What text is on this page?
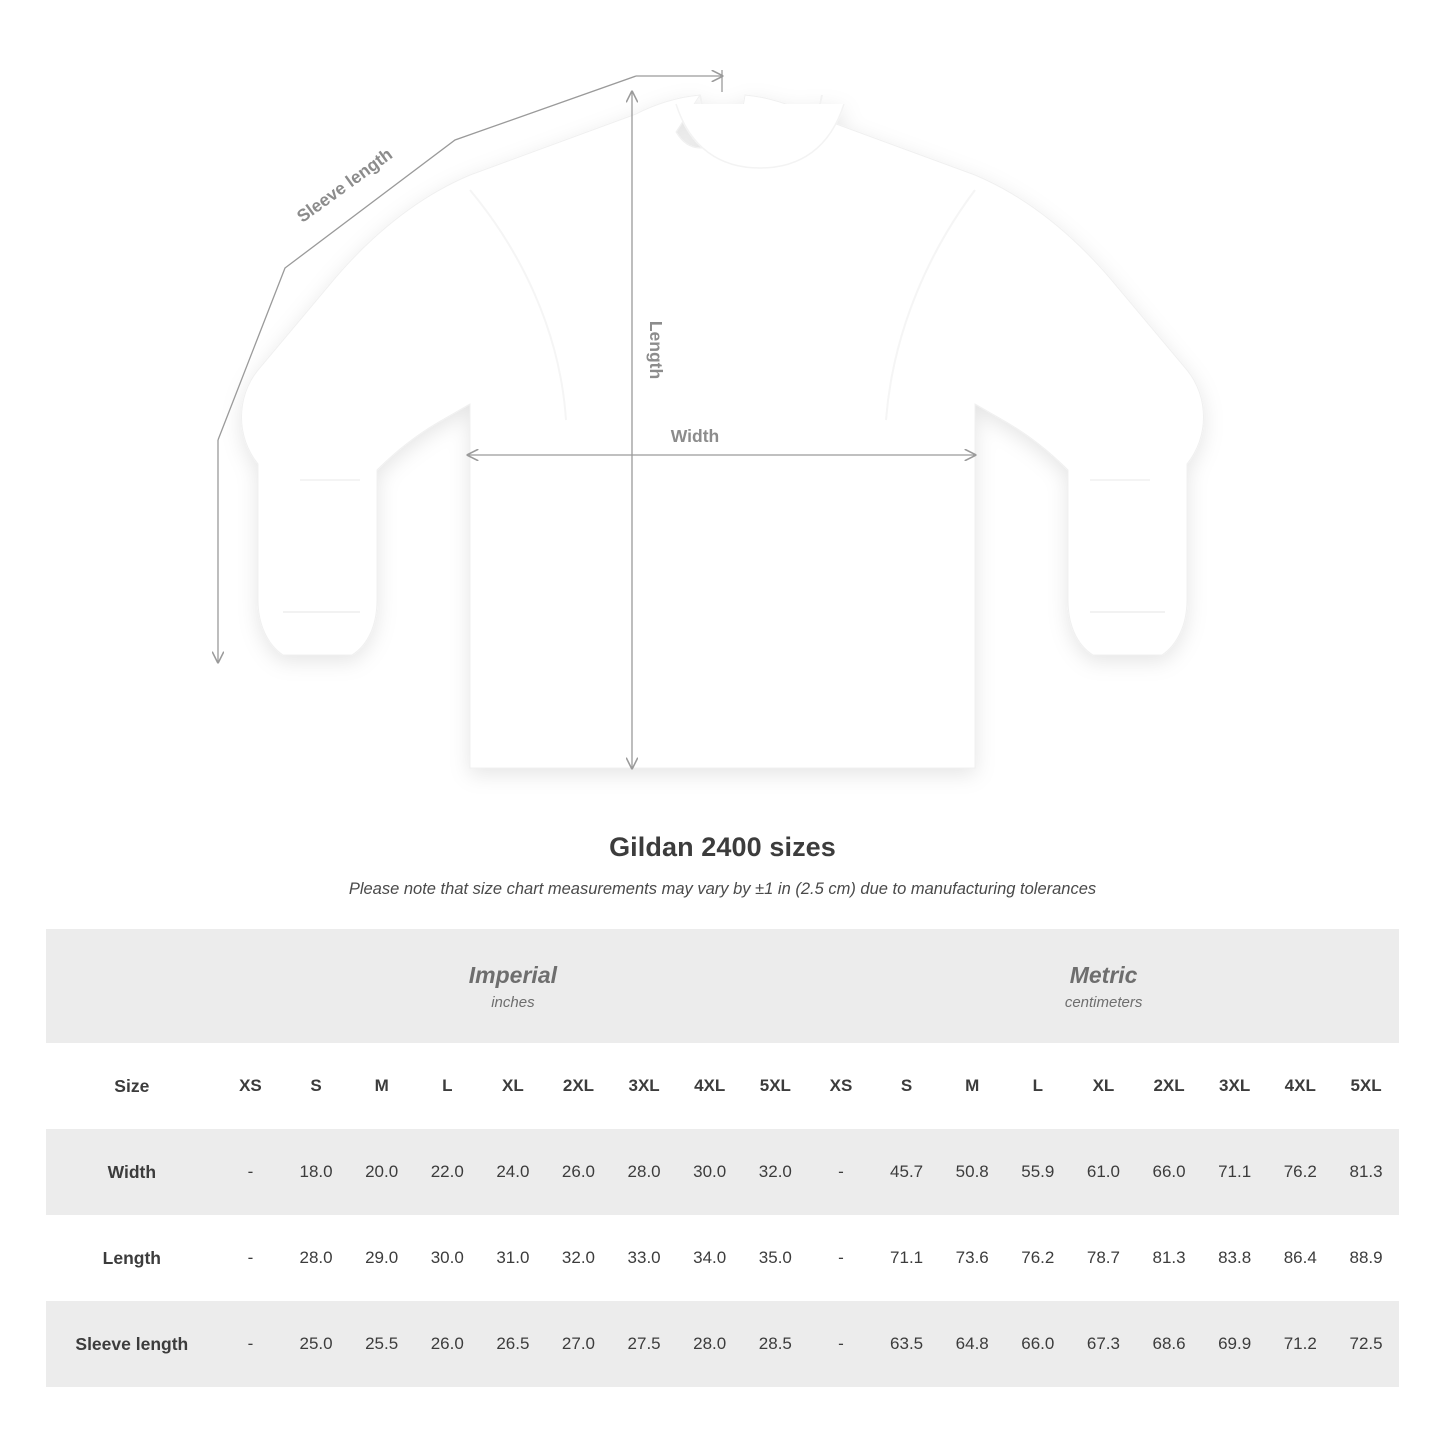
Sleeve length
Length
Width
Gildan 2400 sizes
Please note that size chart measurements may vary by ±1 in (2.5 cm) due to manufacturing tolerances

Imperial
inches

Metric
centimeters

Size	XS	S	M	L	XL	2XL	3XL	4XL	5XL	XS	S	M	L	XL	2XL	3XL	4XL	5XL
Width	-	18.0	20.0	22.0	24.0	26.0	28.0	30.0	32.0	-	45.7	50.8	55.9	61.0	66.0	71.1	76.2	81.3
Length	-	28.0	29.0	30.0	31.0	32.0	33.0	34.0	35.0	-	71.1	73.6	76.2	78.7	81.3	83.8	86.4	88.9
Sleeve length	-	25.0	25.5	26.0	26.5	27.0	27.5	28.0	28.5	-	63.5	64.8	66.0	67.3	68.6	69.9	71.2	72.5
